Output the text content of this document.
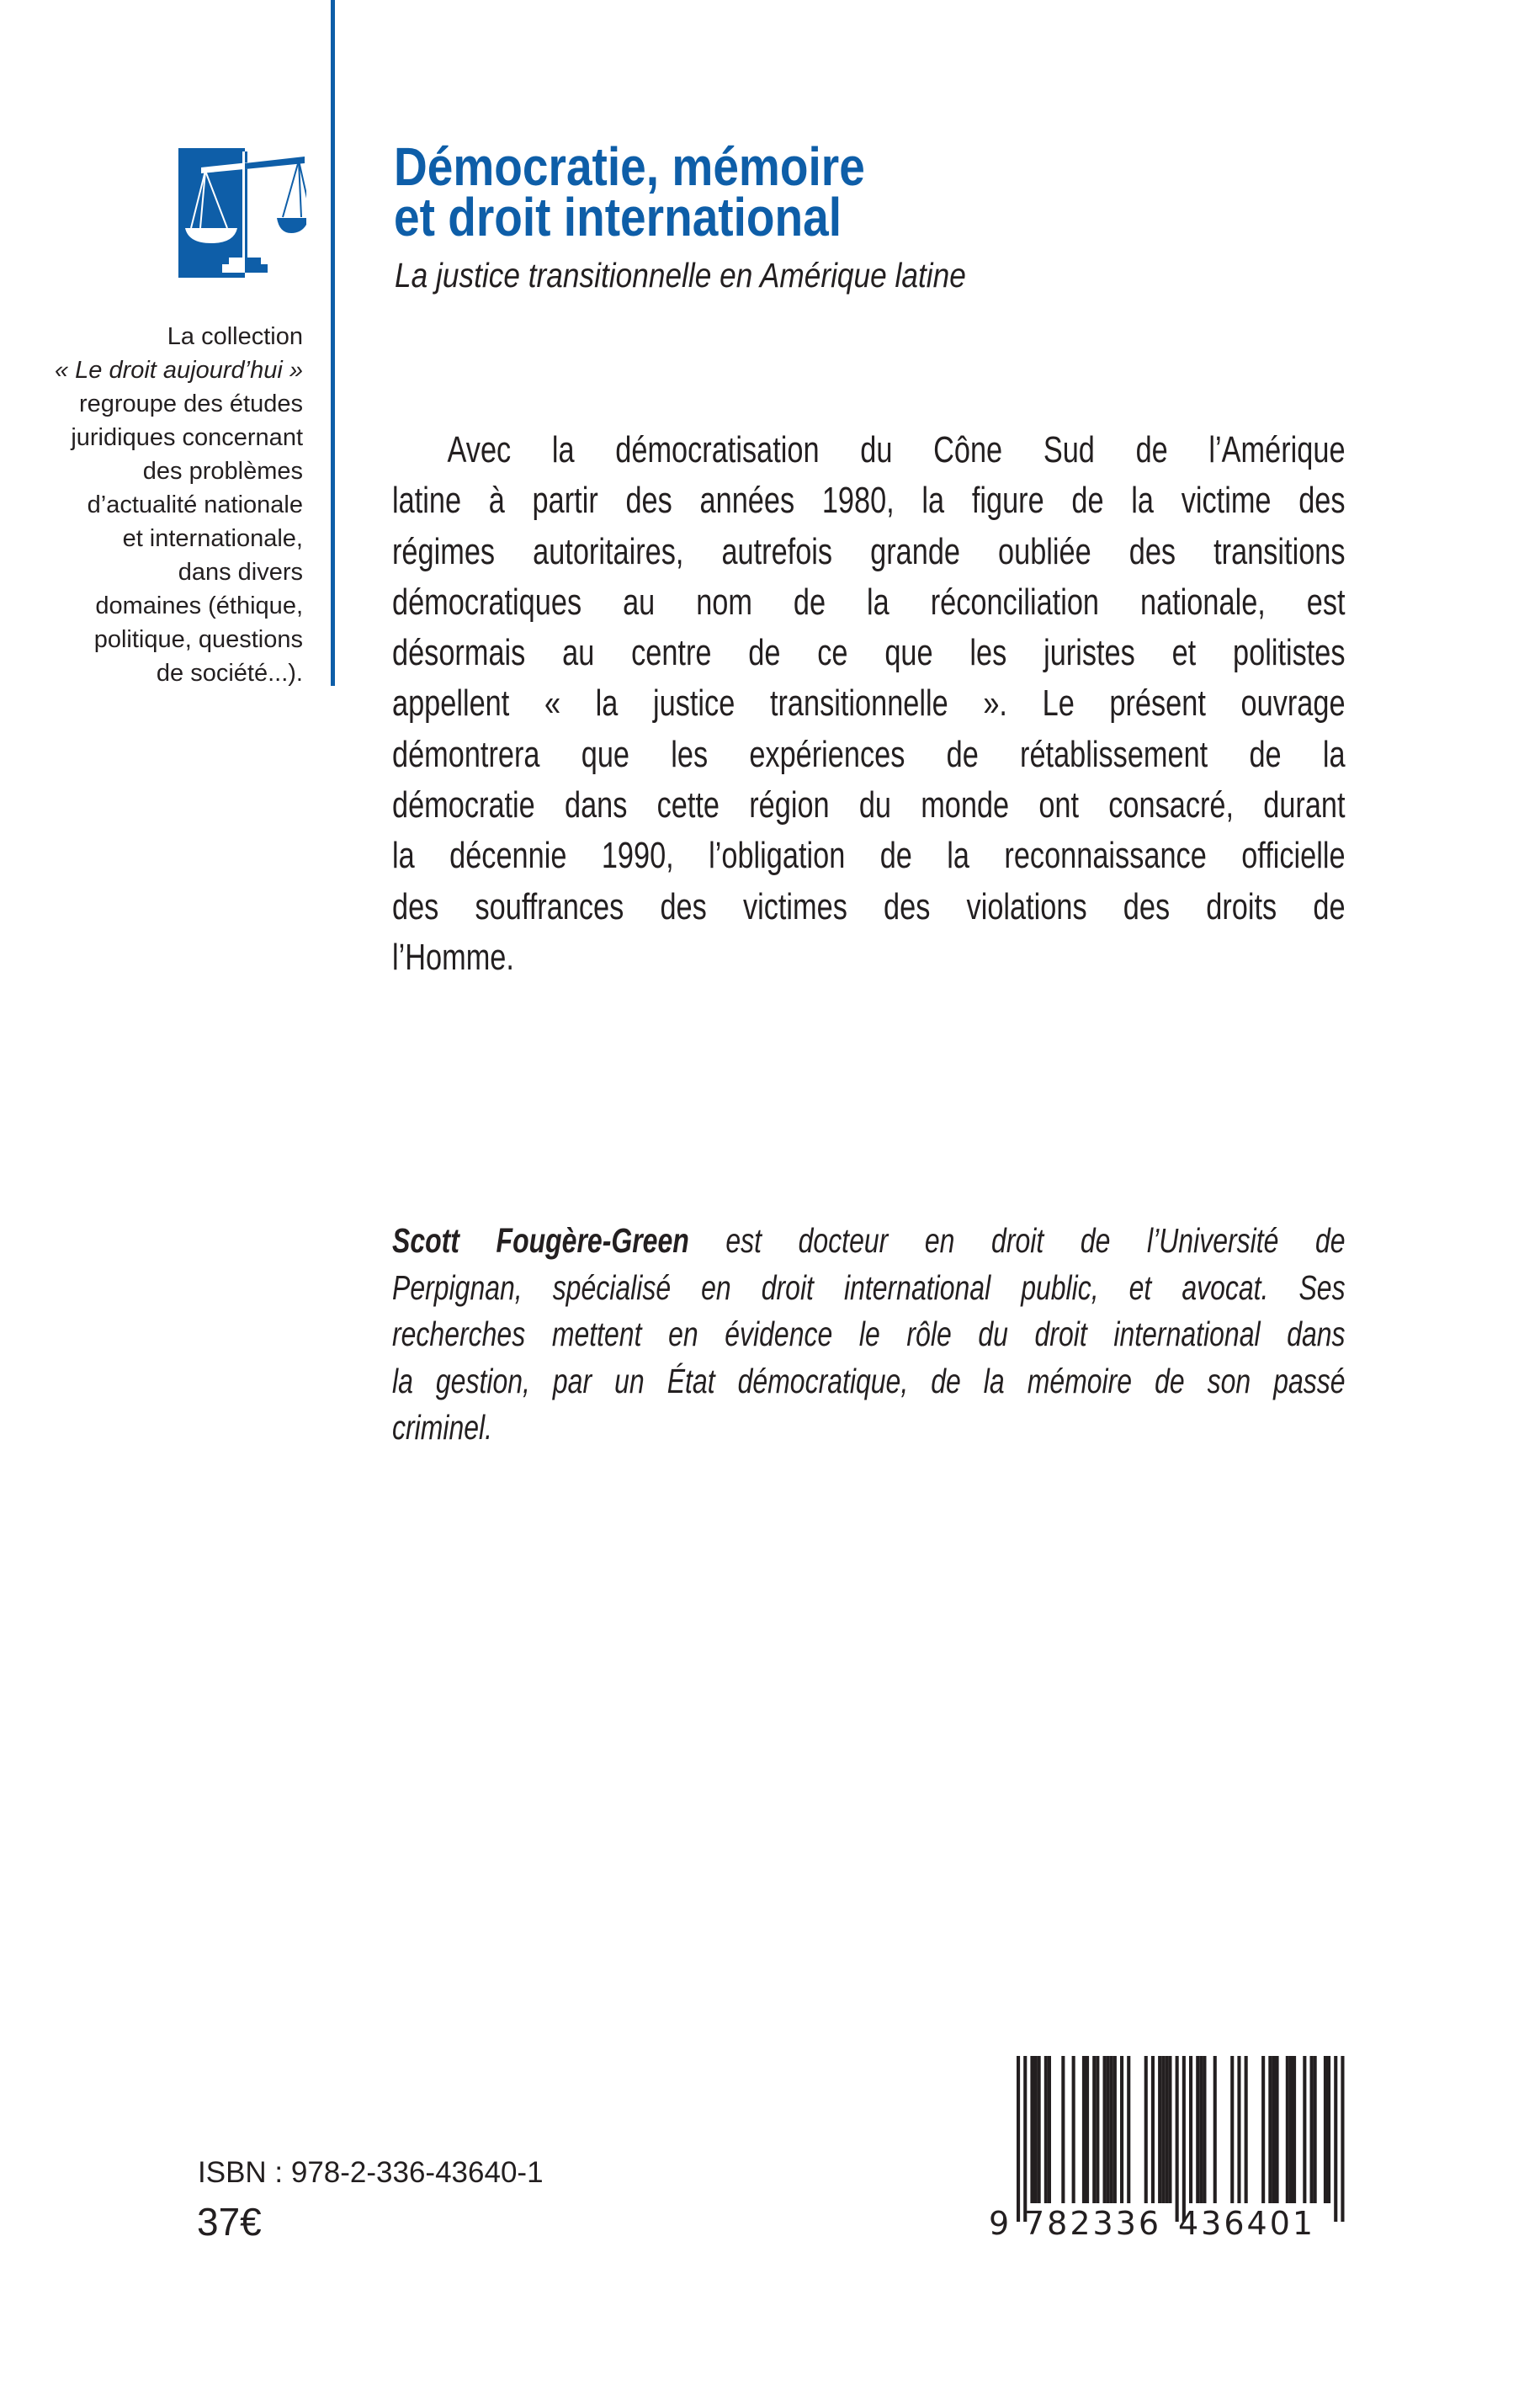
La collection
« Le droit aujourd’hui »
regroupe des études
juridiques concernant
des problèmes
d’actualité nationale
et internationale,
dans divers
domaines (éthique,
politique, questions
de société...).
Démocratie, mémoire
et droit international
La justice transitionnelle en Amérique latine
Avec la démocratisation du Cône Sud de l’Amérique
latine à partir des années 1980, la figure de la victime des
régimes autoritaires, autrefois grande oubliée des transitions
démocratiques au nom de la réconciliation nationale, est
désormais au centre de ce que les juristes et politistes
appellent « la justice transitionnelle ». Le présent ouvrage
démontrera que les expériences de rétablissement de la
démocratie dans cette région du monde ont consacré, durant
la décennie 1990, l’obligation de la reconnaissance officielle
des souffrances des victimes des violations des droits de
l’Homme.
Scott Fougère-Green est docteur en droit de l’Université de
Perpignan, spécialisé en droit international public, et avocat. Ses
recherches mettent en évidence le rôle du droit international dans
la gestion, par un État démocratique, de la mémoire de son passé
criminel.
ISBN : 978-2-336-43640-1
37€	9 782336 436401
